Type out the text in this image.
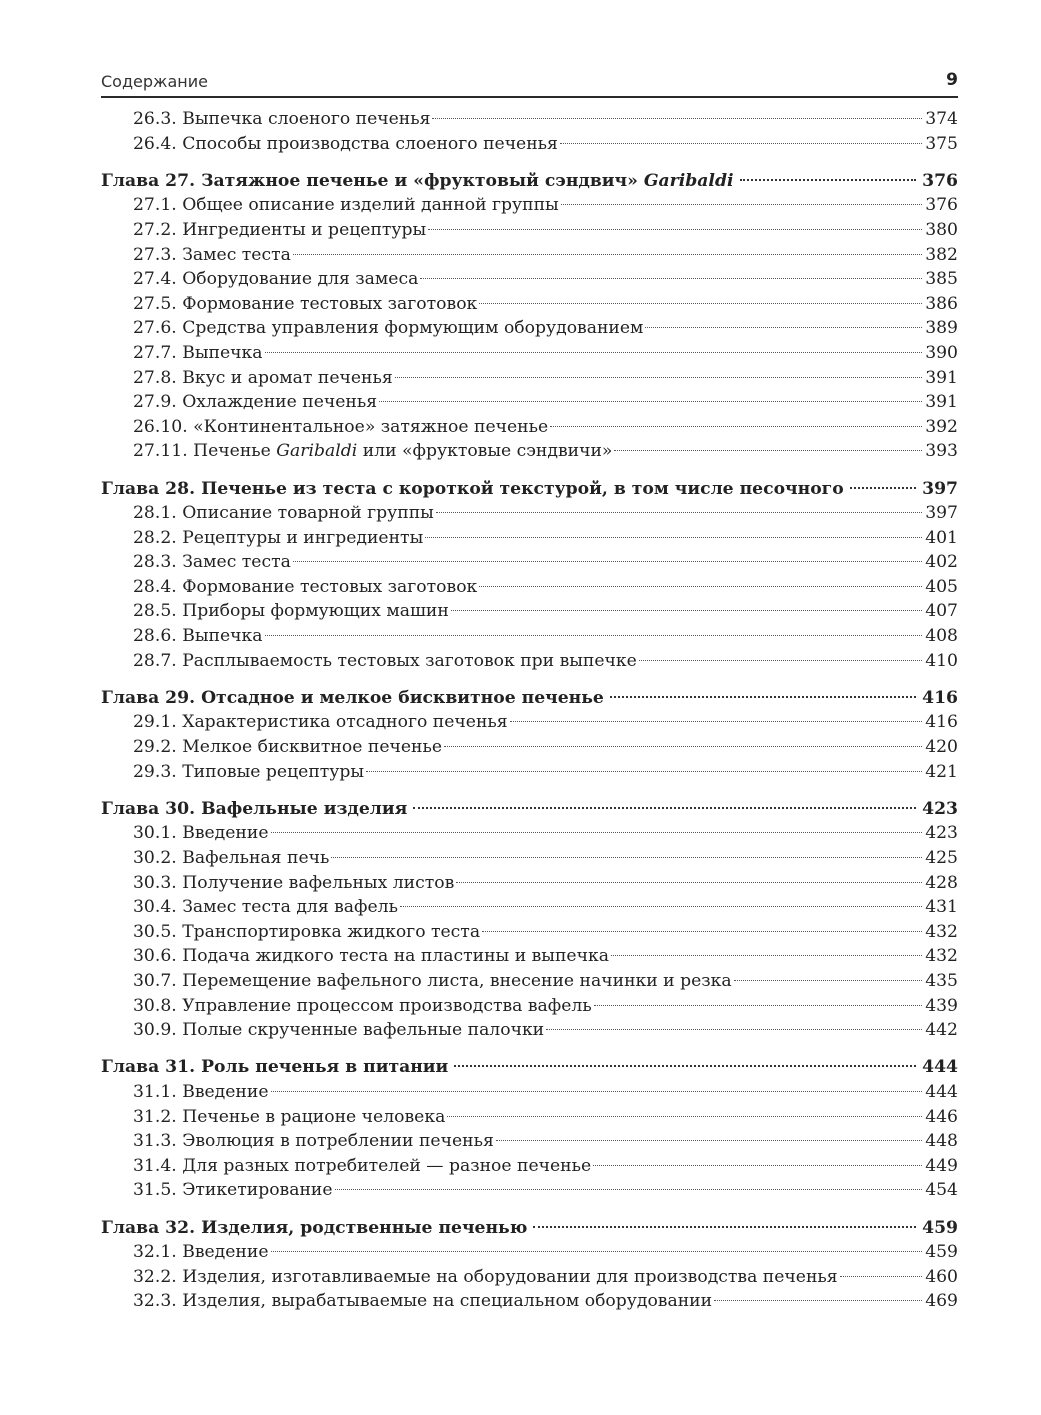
Содержание	9
26.3. Выпечка слоеного печенья	374
26.4. Способы производства слоеного печенья	375
Глава 27. Затяжное печенье и «фруктовый сэндвич» Garibaldi	376
27.1. Общее описание изделий данной группы	376
27.2. Ингредиенты и рецептуры	380
27.3. Замес теста	382
27.4. Оборудование для замеса	385
27.5. Формование тестовых заготовок	386
27.6. Средства управления формующим оборудованием	389
27.7. Выпечка	390
27.8. Вкус и аромат печенья	391
27.9. Охлаждение печенья	391
26.10. «Континентальное» затяжное печенье	392
27.11. Печенье Garibaldi или «фруктовые сэндвичи»	393
Глава 28. Печенье из теста с короткой текстурой, в том числе песочного	397
28.1. Описание товарной группы	397
28.2. Рецептуры и ингредиенты	401
28.3. Замес теста	402
28.4. Формование тестовых заготовок	405
28.5. Приборы формующих машин	407
28.6. Выпечка	408
28.7. Расплываемость тестовых заготовок при выпечке	410
Глава 29. Отсадное и мелкое бисквитное печенье	416
29.1. Характеристика отсадного печенья	416
29.2. Мелкое бисквитное печенье	420
29.3. Типовые рецептуры	421
Глава 30. Вафельные изделия	423
30.1. Введение	423
30.2. Вафельная печь	425
30.3. Получение вафельных листов	428
30.4. Замес теста для вафель	431
30.5. Транспортировка жидкого теста	432
30.6. Подача жидкого теста на пластины и выпечка	432
30.7. Перемещение вафельного листа, внесение начинки и резка	435
30.8. Управление процессом производства вафель	439
30.9. Полые скрученные вафельные палочки	442
Глава 31. Роль печенья в питании	444
31.1. Введение	444
31.2. Печенье в рационе человека	446
31.3. Эволюция в потреблении печенья	448
31.4. Для разных потребителей — разное печенье	449
31.5. Этикетирование	454
Глава 32. Изделия, родственные печенью	459
32.1. Введение	459
32.2. Изделия, изготавливаемые на оборудовании для производства печенья	460
32.3. Изделия, вырабатываемые на специальном оборудовании	469
